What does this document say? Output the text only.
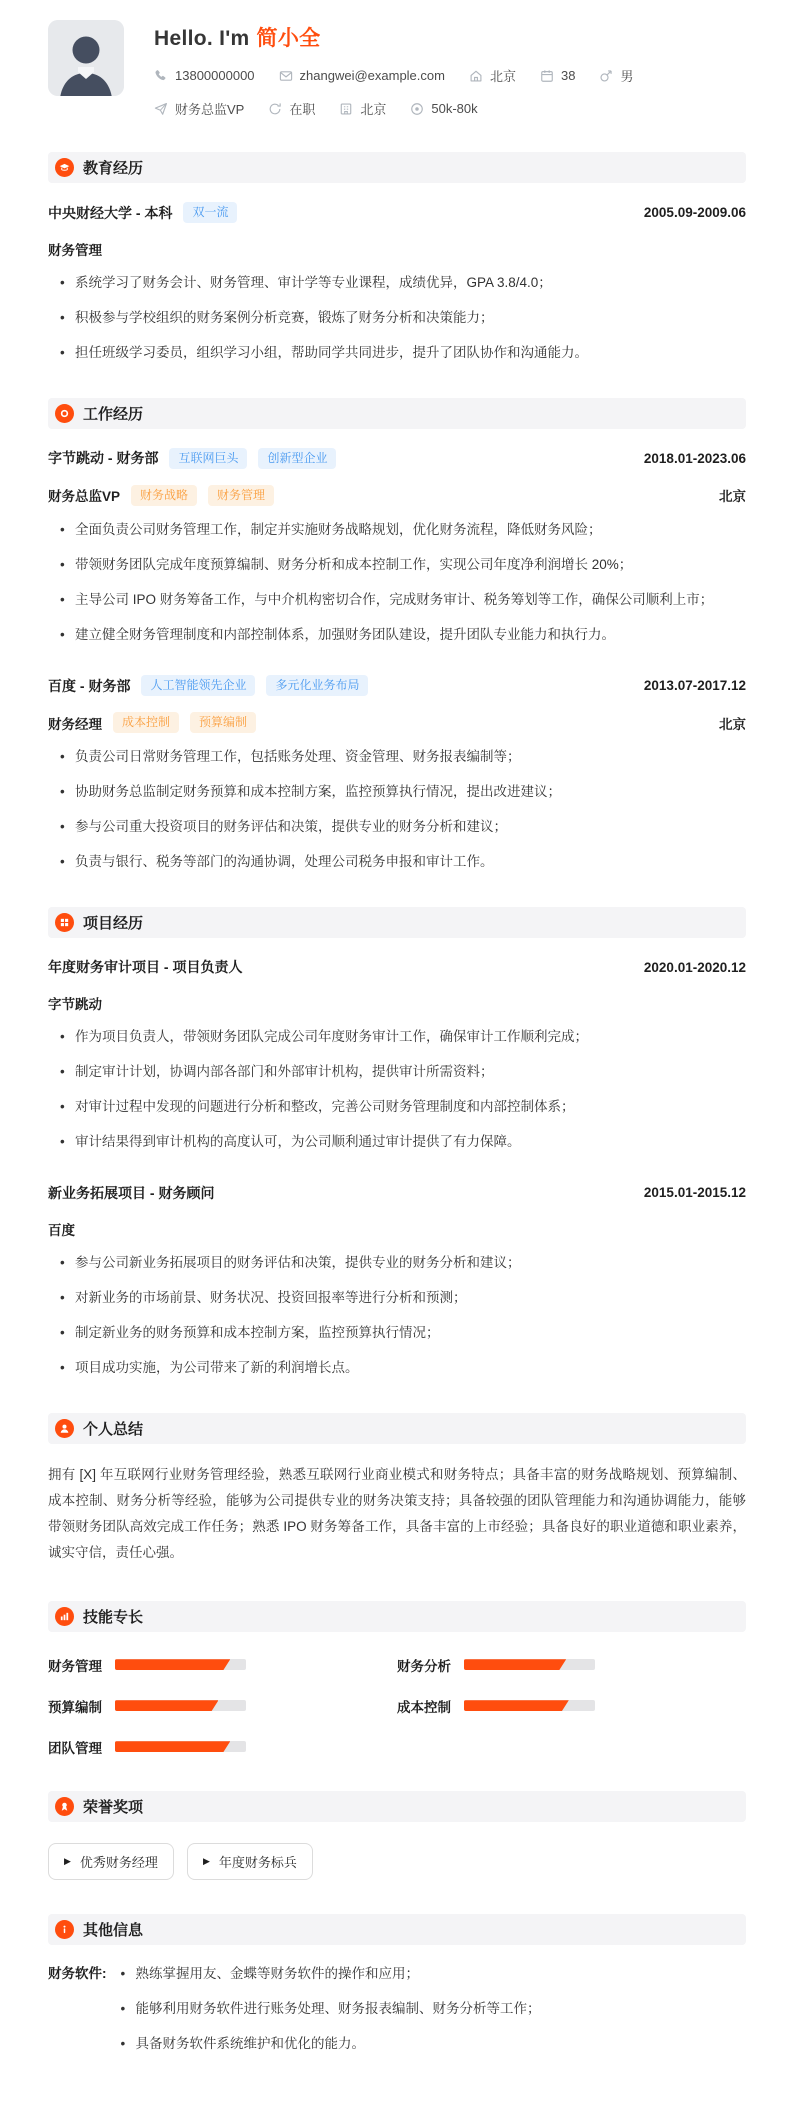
Hello. I'm 简小全
13800000000	zhangwei@example.com	北京	38	男
财务总监VP	在职	北京	50k-80k
教育经历
中央财经大学 - 本科	双一流	2005.09-2009.06
财务管理
• 系统学习了财务会计、财务管理、审计学等专业课程，成绩优异，GPA 3.8/4.0；
• 积极参与学校组织的财务案例分析竞赛，锻炼了财务分析和决策能力；
• 担任班级学习委员，组织学习小组，帮助同学共同进步，提升了团队协作和沟通能力。
工作经历
字节跳动 - 财务部	互联网巨头	创新型企业	2018.01-2023.06
财务总监VP	财务战略	财务管理	北京
• 全面负责公司财务管理工作，制定并实施财务战略规划，优化财务流程，降低财务风险；
• 带领财务团队完成年度预算编制、财务分析和成本控制工作，实现公司年度净利润增长 20%；
• 主导公司 IPO 财务筹备工作，与中介机构密切合作，完成财务审计、税务筹划等工作，确保公司顺利上市；
• 建立健全财务管理制度和内部控制体系，加强财务团队建设，提升团队专业能力和执行力。
百度 - 财务部	人工智能领先企业	多元化业务布局	2013.07-2017.12
财务经理	成本控制	预算编制	北京
• 负责公司日常财务管理工作，包括账务处理、资金管理、财务报表编制等；
• 协助财务总监制定财务预算和成本控制方案，监控预算执行情况，提出改进建议；
• 参与公司重大投资项目的财务评估和决策，提供专业的财务分析和建议；
• 负责与银行、税务等部门的沟通协调，处理公司税务申报和审计工作。
项目经历
年度财务审计项目 - 项目负责人	2020.01-2020.12
字节跳动
• 作为项目负责人，带领财务团队完成公司年度财务审计工作，确保审计工作顺利完成；
• 制定审计计划，协调内部各部门和外部审计机构，提供审计所需资料；
• 对审计过程中发现的问题进行分析和整改，完善公司财务管理制度和内部控制体系；
• 审计结果得到审计机构的高度认可，为公司顺利通过审计提供了有力保障。
新业务拓展项目 - 财务顾问	2015.01-2015.12
百度
• 参与公司新业务拓展项目的财务评估和决策，提供专业的财务分析和建议；
• 对新业务的市场前景、财务状况、投资回报率等进行分析和预测；
• 制定新业务的财务预算和成本控制方案，监控预算执行情况；
• 项目成功实施，为公司带来了新的利润增长点。
个人总结
拥有 [X] 年互联网行业财务管理经验，熟悉互联网行业商业模式和财务特点；具备丰富的财务战略规划、预算编制、成本控制、财务分析等经验，能够为公司提供专业的财务决策支持；具备较强的团队管理能力和沟通协调能力，能够带领财务团队高效完成工作任务；熟悉 IPO 财务筹备工作，具备丰富的上市经验；具备良好的职业道德和职业素养，诚实守信，责任心强。
技能专长
财务管理	财务分析
预算编制	成本控制
团队管理
荣誉奖项
▶ 优秀财务经理	▶ 年度财务标兵
其他信息
财务软件: • 熟练掌握用友、金蝶等财务软件的操作和应用；
• 能够利用财务软件进行账务处理、财务报表编制、财务分析等工作；
• 具备财务软件系统维护和优化的能力。
